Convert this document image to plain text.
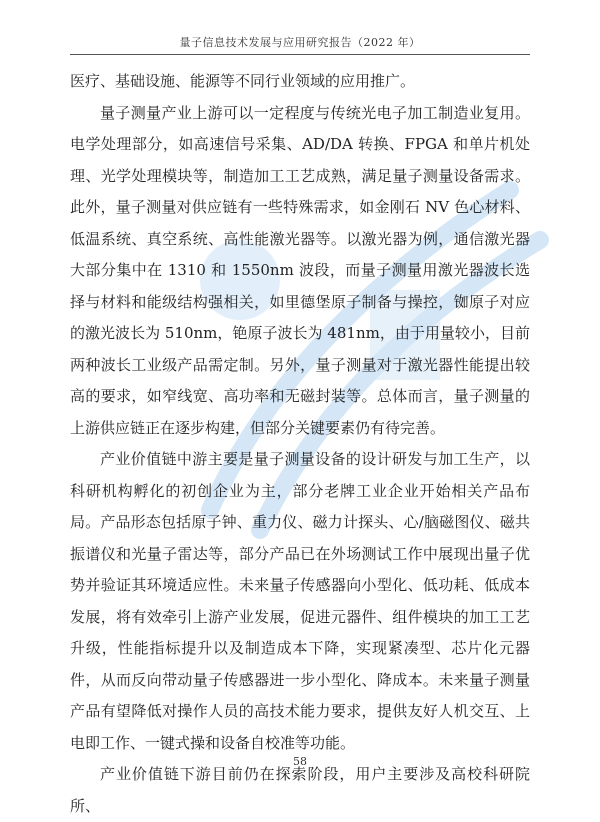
量子信息技术发展与应用研究报告（2022 年）

医疗、基础设施、能源等不同行业领域的应用推广。

量子测量产业上游可以一定程度与传统光电子加工制造业复用。电学处理部分，如高速信号采集、AD/DA 转换、FPGA 和单片机处理、光学处理模块等，制造加工工艺成熟，满足量子测量设备需求。此外，量子测量对供应链有一些特殊需求，如金刚石 NV 色心材料、低温系统、真空系统、高性能激光器等。以激光器为例，通信激光器大部分集中在 1310 和 1550nm 波段，而量子测量用激光器波长选择与材料和能级结构强相关，如里德堡原子制备与操控，铷原子对应的激光波长为 510nm，铯原子波长为 481nm，由于用量较小，目前两种波长工业级产品需定制。另外，量子测量对于激光器性能提出较高的要求，如窄线宽、高功率和无磁封装等。总体而言，量子测量的上游供应链正在逐步构建，但部分关键要素仍有待完善。

产业价值链中游主要是量子测量设备的设计研发与加工生产，以科研机构孵化的初创企业为主，部分老牌工业企业开始相关产品布局。产品形态包括原子钟、重力仪、磁力计探头、心/脑磁图仪、磁共振谱仪和光量子雷达等，部分产品已在外场测试工作中展现出量子优势并验证其环境适应性。未来量子传感器向小型化、低功耗、低成本发展，将有效牵引上游产业发展，促进元器件、组件模块的加工工艺升级，性能指标提升以及制造成本下降，实现紧凑型、芯片化元器件，从而反向带动量子传感器进一步小型化、降成本。未来量子测量产品有望降低对操作人员的高技术能力要求，提供友好人机交互、上电即工作、一键式操和设备自校准等功能。

产业价值链下游目前仍在探索阶段，用户主要涉及高校科研院所、

58
